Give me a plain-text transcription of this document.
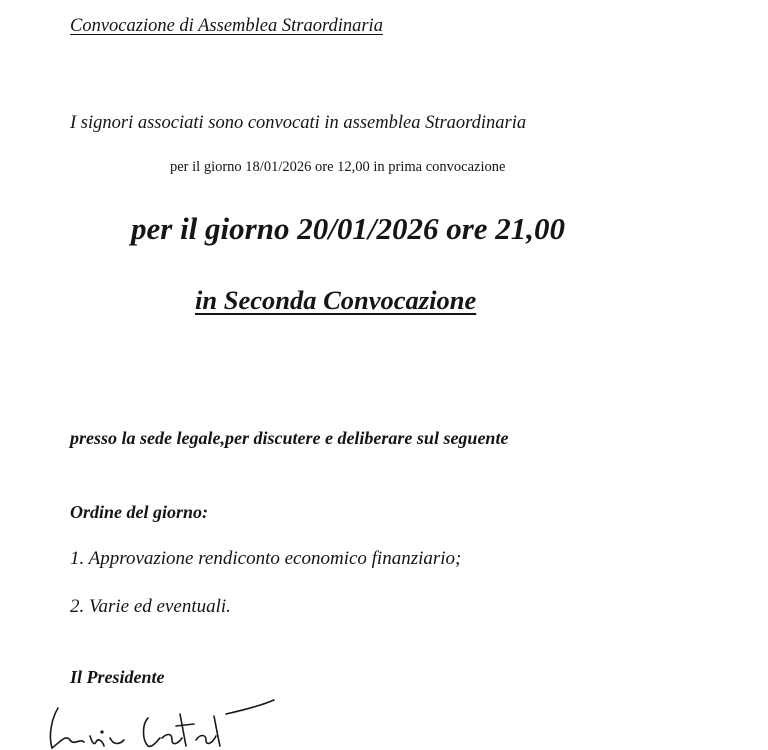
Convocazione di Assemblea Straordinaria

I signori associati sono convocati in assemblea Straordinaria

per il giorno 18/01/2026 ore 12,00 in prima convocazione

per il giorno 20/01/2026 ore 21,00

in Seconda Convocazione

presso la sede legale,per discutere e deliberare sul seguente

Ordine del giorno:

1. Approvazione rendiconto economico finanziario;

2. Varie ed eventuali.

Il Presidente
